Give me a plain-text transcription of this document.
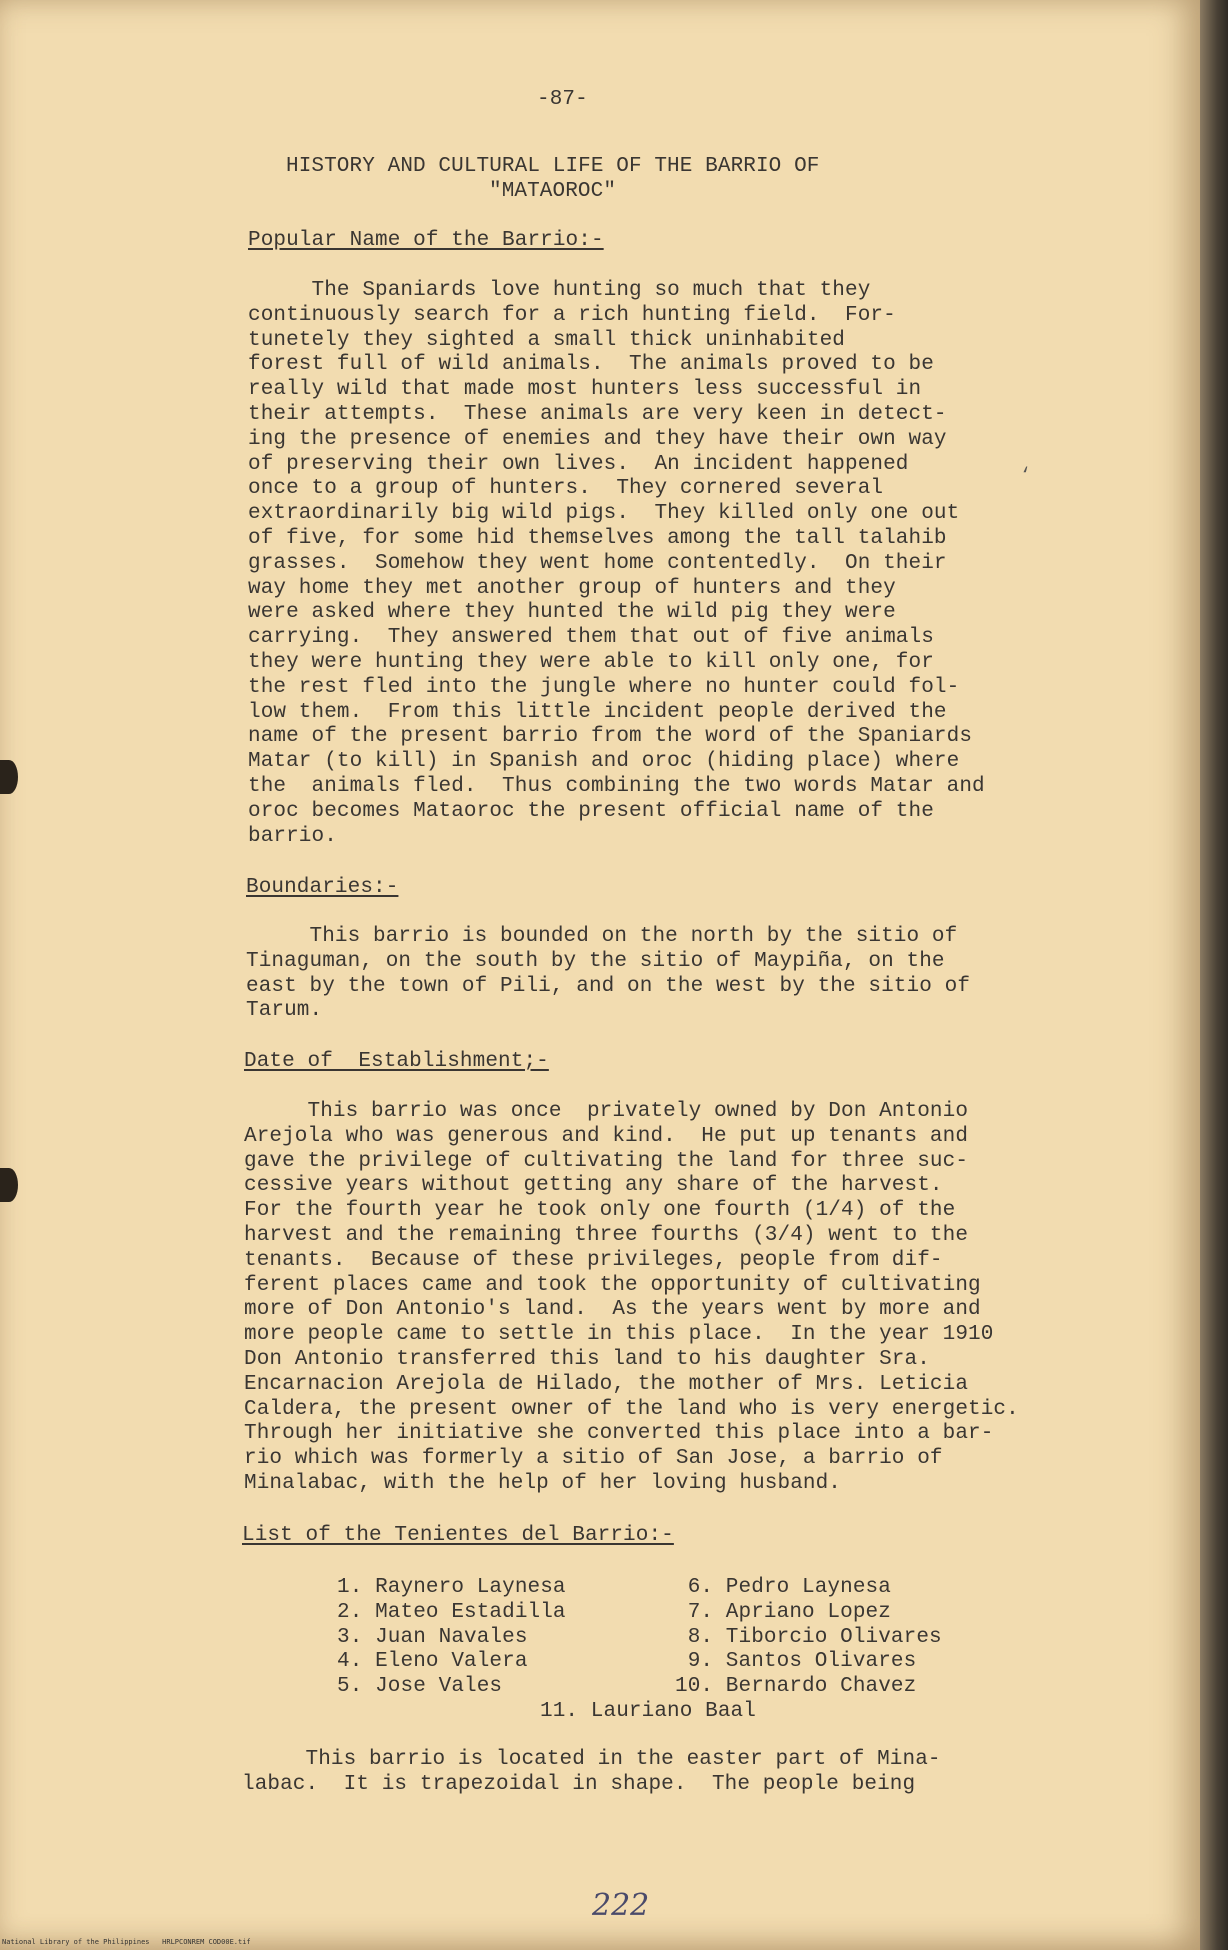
-87-
HISTORY AND CULTURAL LIFE OF THE BARRIO OF
"MATAOROC"
Popular Name of the Barrio:-
The Spaniards love hunting so much that they
continuously search for a rich hunting field.  For-
tunetely they sighted a small thick uninhabited
forest full of wild animals.  The animals proved to be
really wild that made most hunters less successful in
their attempts.  These animals are very keen in detect-
ing the presence of enemies and they have their own way
of preserving their own lives.  An incident happened
once to a group of hunters.  They cornered several
extraordinarily big wild pigs.  They killed only one out
of five, for some hid themselves among the tall talahib
grasses.  Somehow they went home contentedly.  On their
way home they met another group of hunters and they
were asked where they hunted the wild pig they were
carrying.  They answered them that out of five animals
they were hunting they were able to kill only one, for
the rest fled into the jungle where no hunter could fol-
low them.  From this little incident people derived the
name of the present barrio from the word of the Spaniards
Matar (to kill) in Spanish and oroc (hiding place) where
the  animals fled.  Thus combining the two words Matar and
oroc becomes Mataoroc the present official name of the
barrio.
Boundaries:-
This barrio is bounded on the north by the sitio of
Tinaguman, on the south by the sitio of Maypiña, on the
east by the town of Pili, and on the west by the sitio of
Tarum.
Date of  Establishment;-
This barrio was once  privately owned by Don Antonio
Arejola who was generous and kind.  He put up tenants and
gave the privilege of cultivating the land for three suc-
cessive years without getting any share of the harvest.
For the fourth year he took only one fourth (1/4) of the
harvest and the remaining three fourths (3/4) went to the
tenants.  Because of these privileges, people from dif-
ferent places came and took the opportunity of cultivating
more of Don Antonio's land.  As the years went by more and
more people came to settle in this place.  In the year 1910
Don Antonio transferred this land to his daughter Sra.
Encarnacion Arejola de Hilado, the mother of Mrs. Leticia
Caldera, the present owner of the land who is very energetic.
Through her initiative she converted this place into a bar-
rio which was formerly a sitio of San Jose, a barrio of
Minalabac, with the help of her loving husband.
List of the Tenientes del Barrio:-
1. Raynero Laynesa
2. Mateo Estadilla
3. Juan Navales
4. Eleno Valera
5. Jose Vales
6. Pedro Laynesa
7. Apriano Lopez
8. Tiborcio Olivares
9. Santos Olivares
10. Bernardo Chavez
11. Lauriano Baal
This barrio is located in the easter part of Mina-
labac.  It is trapezoidal in shape.  The people being
222
‘
National Library of the Philippines   HRLPCONREM COD00E.tif
